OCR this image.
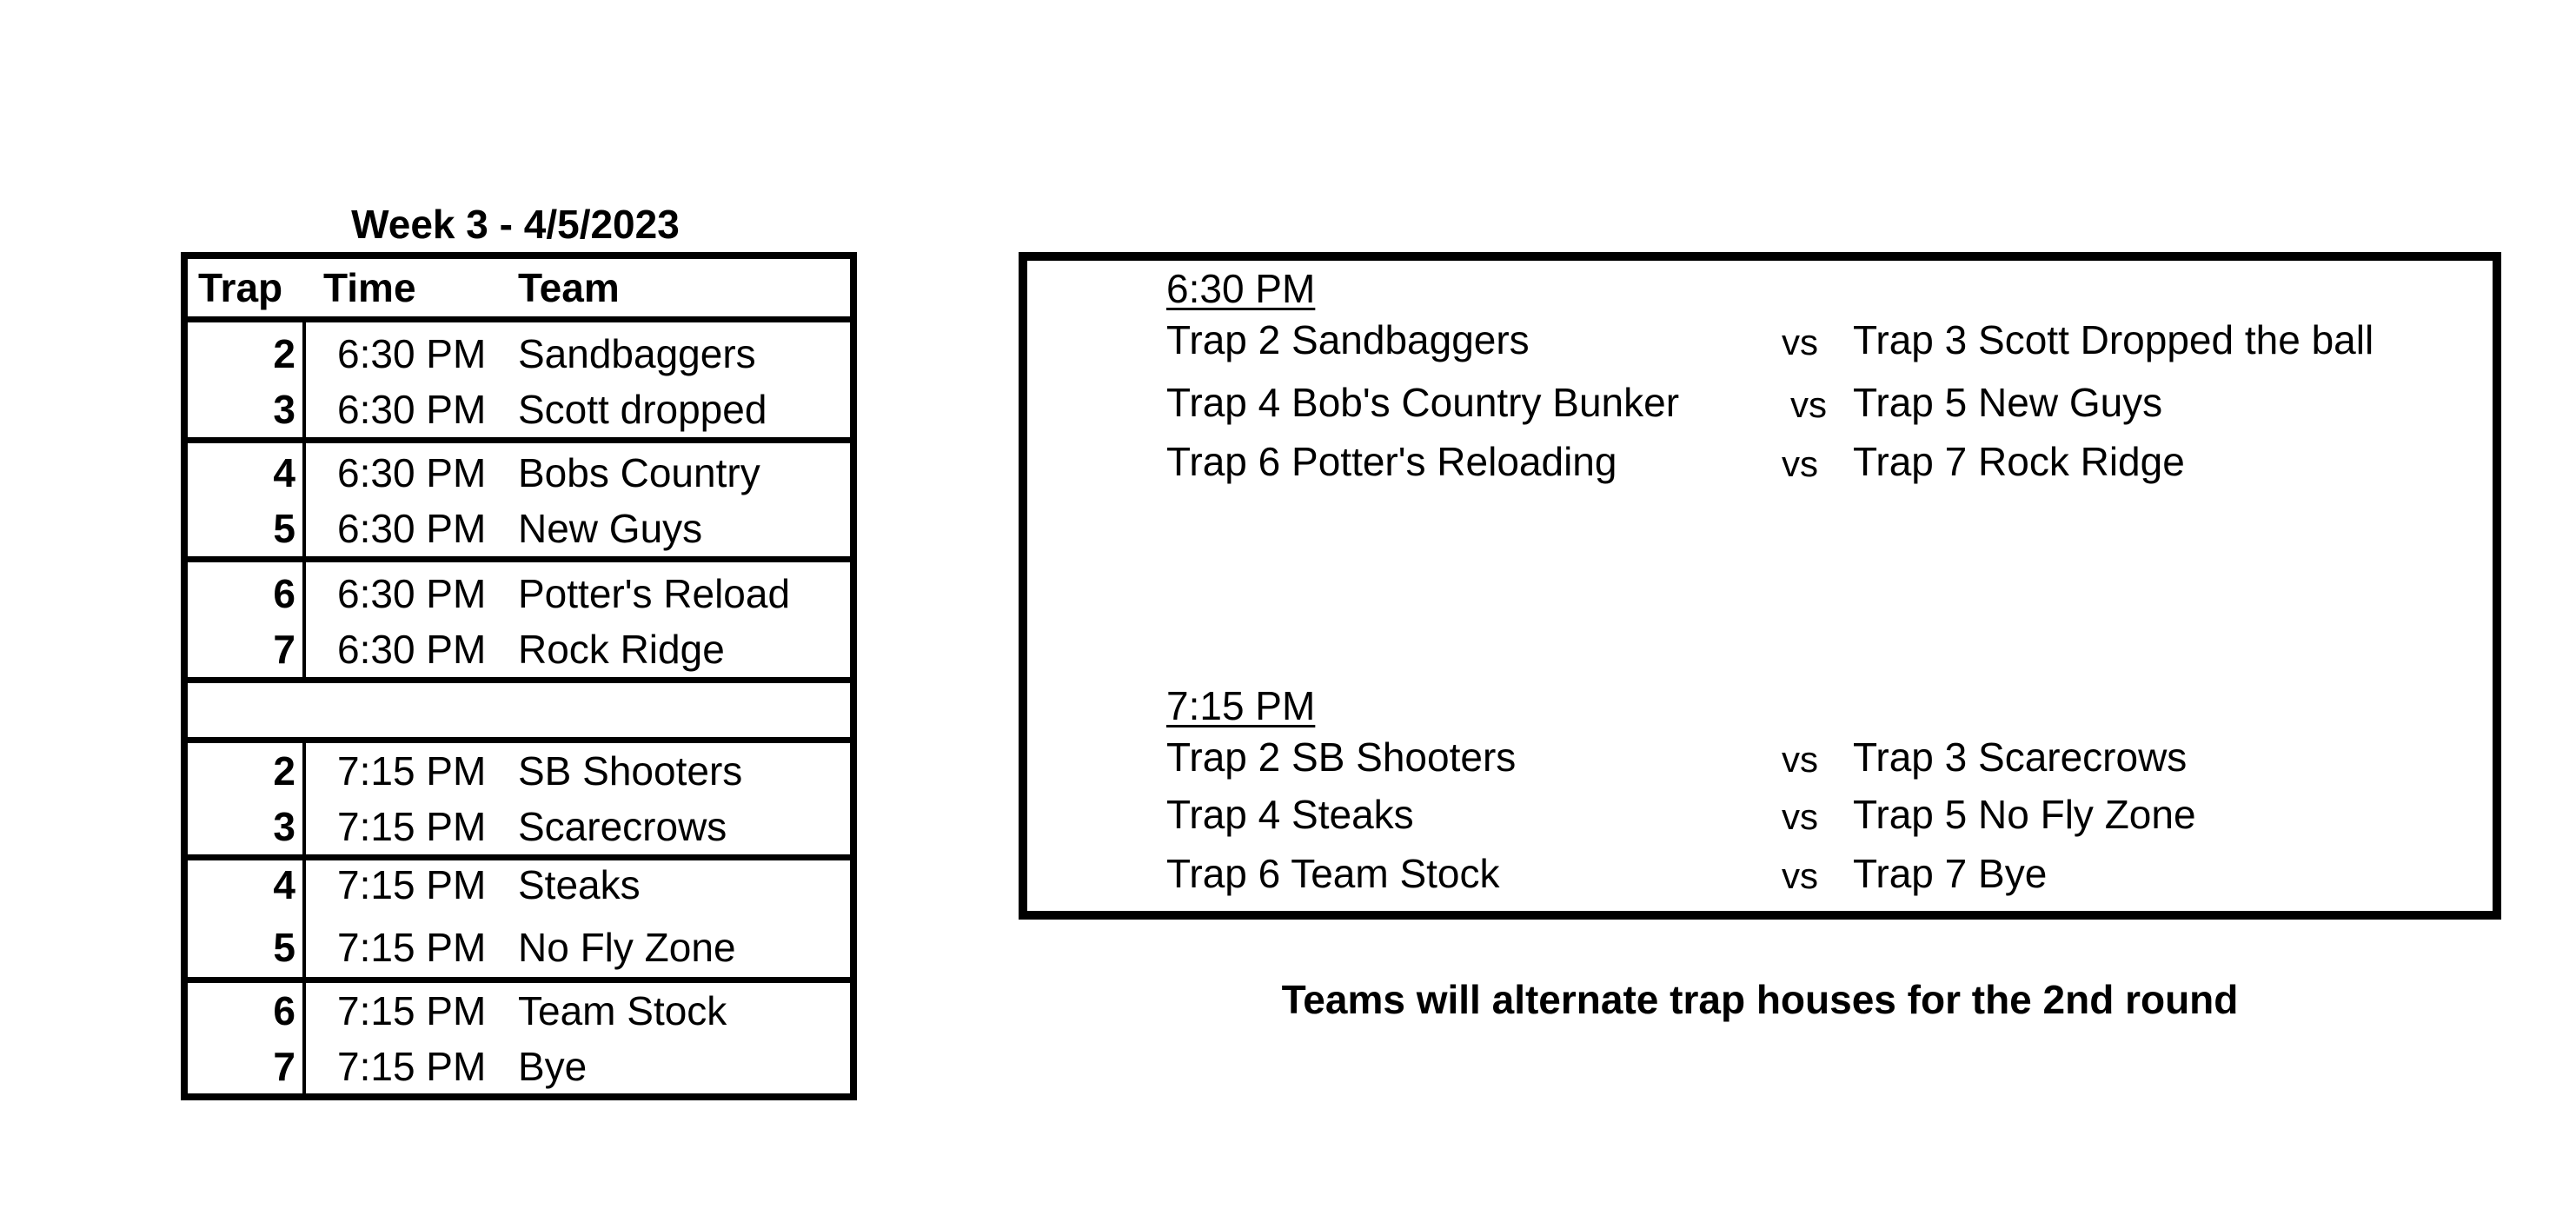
Week 3 - 4/5/2023
Trap Time	Team
2 6:30 PM Sandbaggers
3 6:30 PM Scott dropped
4 6:30 PM Bobs Country
5 6:30 PM New Guys
6 6:30 PM Potter's Reload
7 6:30 PM Rock Ridge
2 7:15 PM SB Shooters
3 7:15 PM Scarecrows
4 7:15 PM Steaks
5 7:15 PM No Fly Zone
6 7:15 PM Team Stock
7 7:15 PM Bye
6:30 PM
Trap 2 Sandbaggers	vs Trap 3 Scott Dropped the ball
Trap 4 Bob's Country Bunker	vs Trap 5 New Guys
Trap 6 Potter's Reloading	vs Trap 7 Rock Ridge
7:15 PM
Trap 2 SB Shooters	vs Trap 3 Scarecrows
Trap 4 Steaks	vs Trap 5 No Fly Zone
Trap 6 Team Stock	vs Trap 7 Bye
Teams will alternate trap houses for the 2nd round
